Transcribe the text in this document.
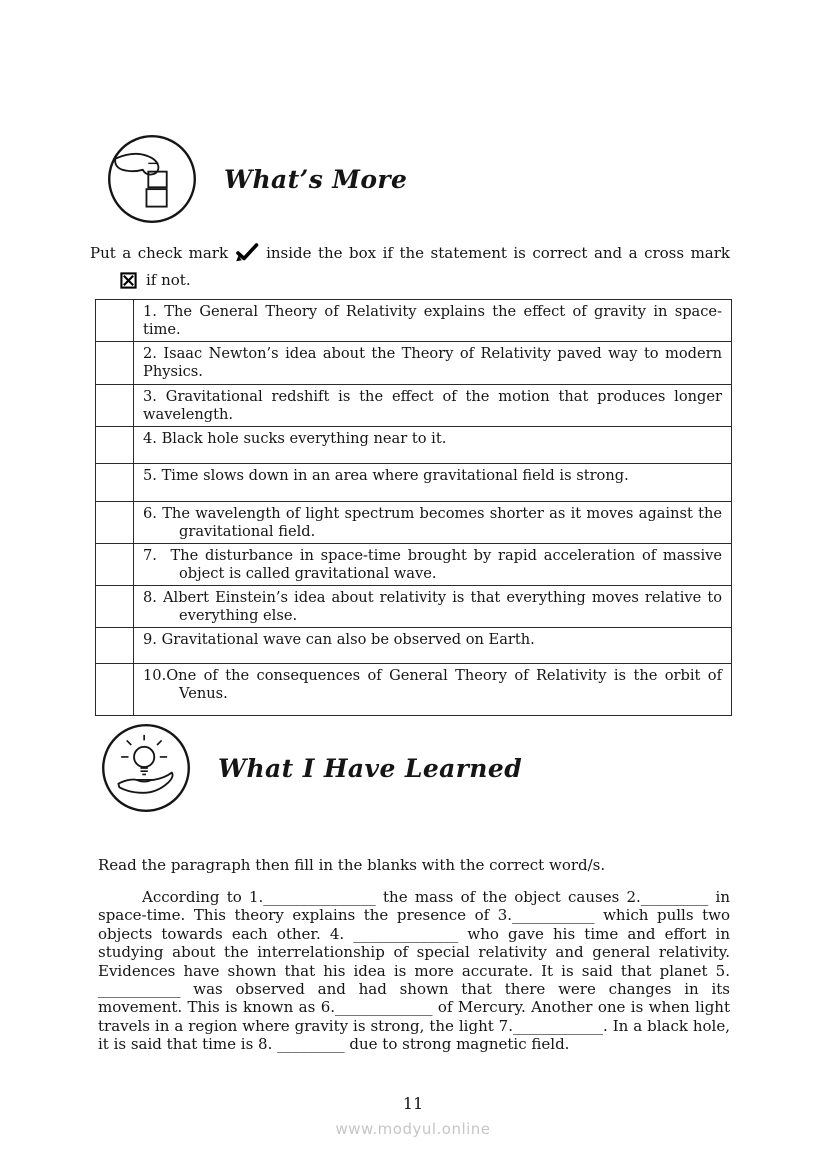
What’s More
Put a check mark	inside the box if the statement is correct and a cross mark
if not.
	1. The General Theory of Relativity explains the effect of gravity in space-time.
	2. Isaac Newton’s idea about the Theory of Relativity paved way to modern Physics.
	3. Gravitational redshift is the effect of the motion that produces longer wavelength.
	4. Black hole sucks everything near to it.
	5. Time slows down in an area where gravitational field is strong.
	6. The wavelength of light spectrum becomes shorter as it moves against the gravitational field.
	7.  The disturbance in space-time brought by rapid acceleration of massive object is called gravitational wave.
	8. Albert Einstein’s idea about relativity is that everything moves relative to everything else.
	9. Gravitational wave can also be observed on Earth.
	10.One of the consequences of General Theory of Relativity is the orbit of Venus.
What I Have Learned
Read the paragraph then fill in the blanks with the correct word/s.
According to 1._______________ the mass of the object causes 2._________ in space-time. This theory explains the presence of 3.___________ which pulls two objects towards each other. 4. ______________ who gave his time and effort in studying about the interrelationship of special relativity and general relativity. Evidences have shown that his idea is more accurate. It is said that planet 5. ___________ was observed and had shown that there were changes in its movement. This is known as 6._____________ of Mercury. Another one is when light travels in a region where gravity is strong, the light 7.____________. In a black hole, it is said that time is 8. _________ due to strong magnetic field.
11
www.modyul.online
